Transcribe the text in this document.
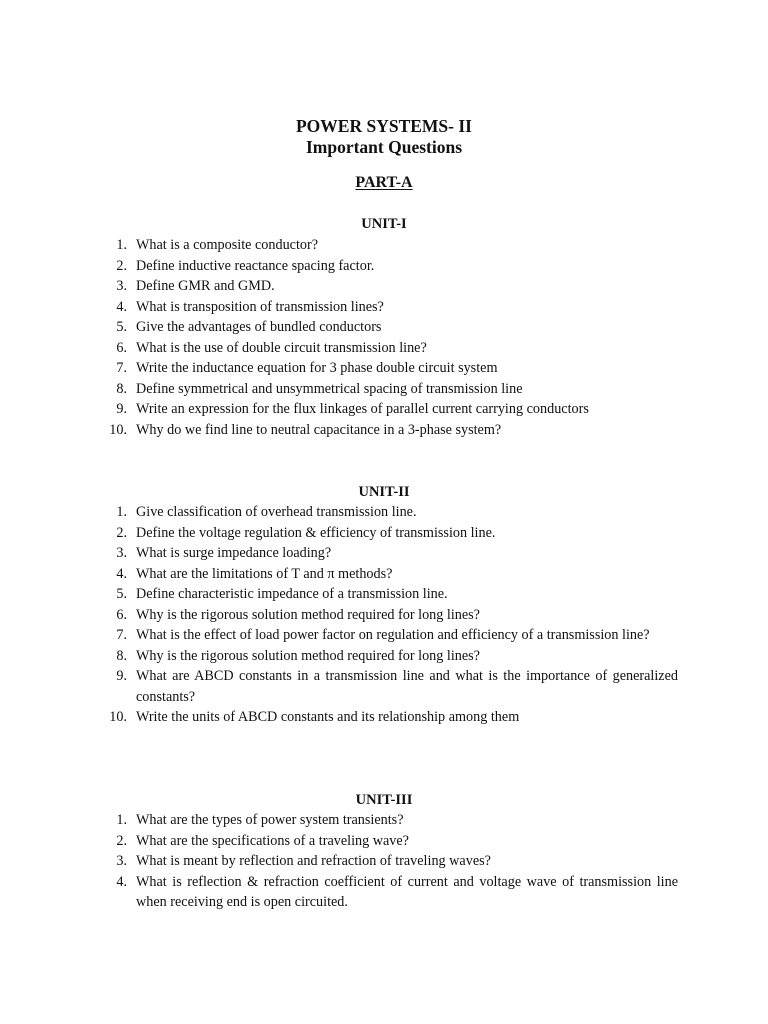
POWER SYSTEMS- II
Important Questions
PART-A
UNIT-I
1. What is a composite conductor?
2. Define inductive reactance spacing factor.
3. Define GMR and GMD.
4. What is transposition of transmission lines?
5. Give the advantages of bundled conductors
6. What is the use of double circuit transmission line?
7. Write the inductance equation for 3 phase double circuit system
8. Define symmetrical and unsymmetrical spacing of transmission line
9. Write an expression for the flux linkages of parallel current carrying conductors
10. Why do we find line to neutral capacitance in a 3-phase system?
UNIT-II
1. Give classification of overhead transmission line.
2. Define the voltage regulation & efficiency of transmission line.
3. What is surge impedance loading?
4. What are the limitations of T and π methods?
5. Define characteristic impedance of a transmission line.
6. Why is the rigorous solution method required for long lines?
7. What is the effect of load power factor on regulation and efficiency of a transmission line?
8. Why is the rigorous solution method required for long lines?
9. What are ABCD constants in a transmission line and what is the importance of generalized constants?
10. Write the units of ABCD constants and its relationship among them
UNIT-III
1. What are the types of power system transients?
2. What are the specifications of a traveling wave?
3. What is meant by reflection and refraction of traveling waves?
4. What is reflection & refraction coefficient of current and voltage wave of transmission line when receiving end is open circuited.
